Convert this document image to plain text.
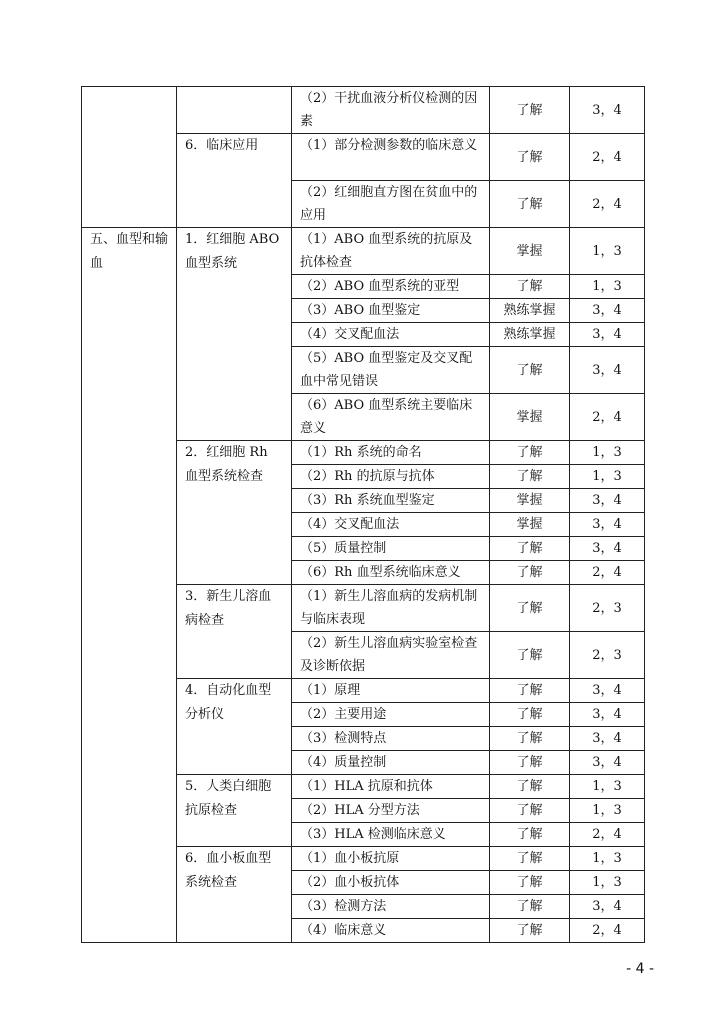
		（2）干扰血液分析仪检测的因素	了解	3，4
	6．临床应用	（1）部分检测参数的临床意义	了解	2，4
		（2）红细胞直方图在贫血中的应用	了解	2，4
五、血型和输血	1．红细胞 ABO 血型系统	（1）ABO 血型系统的抗原及抗体检查	掌握	1，3
		（2）ABO 血型系统的亚型	了解	1，3
		（3）ABO 血型鉴定	熟练掌握	3，4
		（4）交叉配血法	熟练掌握	3，4
		（5）ABO 血型鉴定及交叉配血中常见错误	了解	3，4
		（6）ABO 血型系统主要临床意义	掌握	2，4
	2．红细胞 Rh 血型系统检查	（1）Rh 系统的命名	了解	1，3
		（2）Rh 的抗原与抗体	了解	1，3
		（3）Rh 系统血型鉴定	掌握	3，4
		（4）交叉配血法	掌握	3，4
		（5）质量控制	了解	3，4
		（6）Rh 血型系统临床意义	了解	2，4
	3．新生儿溶血病检查	（1）新生儿溶血病的发病机制与临床表现	了解	2，3
		（2）新生儿溶血病实验室检查及诊断依据	了解	2，3
	4．自动化血型分析仪	（1）原理	了解	3，4
		（2）主要用途	了解	3，4
		（3）检测特点	了解	3，4
		（4）质量控制	了解	3，4
	5．人类白细胞抗原检查	（1）HLA 抗原和抗体	了解	1，3
		（2）HLA 分型方法	了解	1，3
		（3）HLA 检测临床意义	了解	2，4
	6．血小板血型系统检查	（1）血小板抗原	了解	1，3
		（2）血小板抗体	了解	1，3
		（3）检测方法	了解	3，4
		（4）临床意义	了解	2，4
- 4 -
